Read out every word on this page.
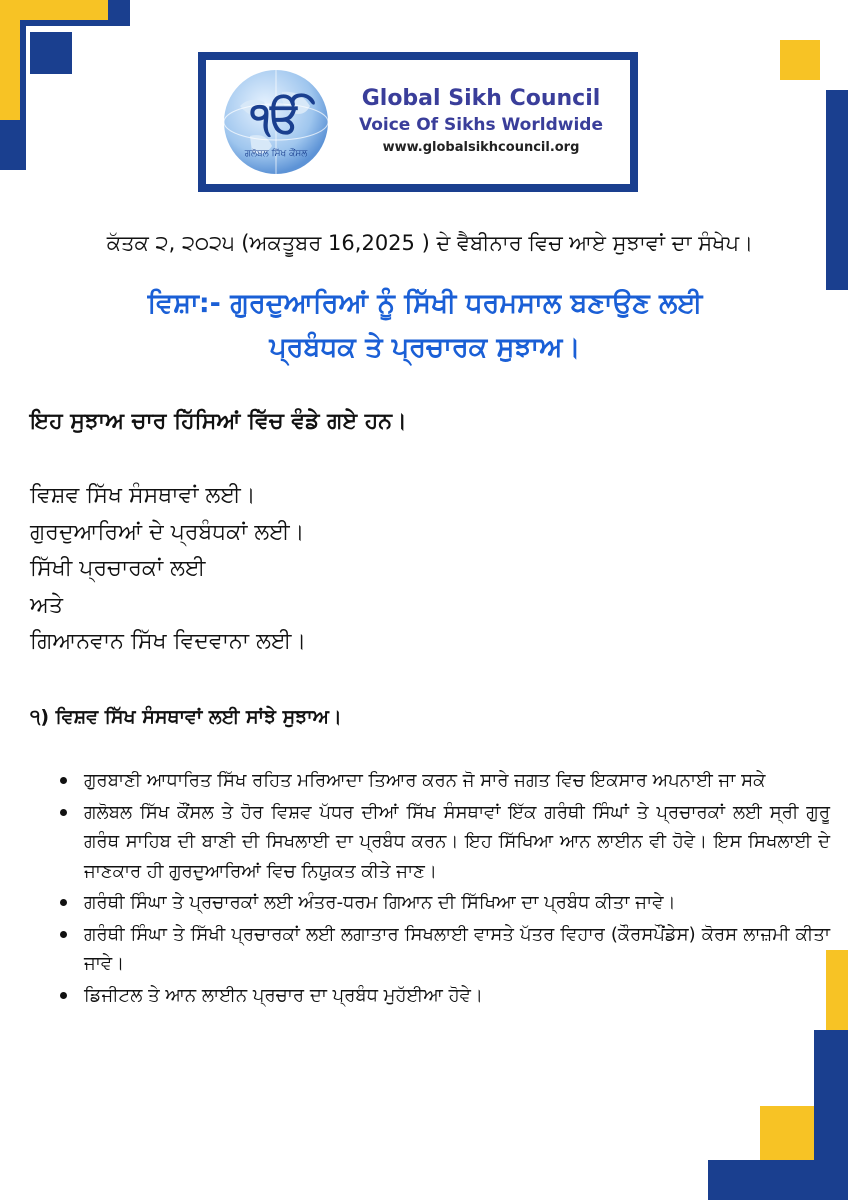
ੴ
ਗਲੋਬਲ ਸਿੱਖ ਕੌਂਸਲ
Global Sikh Council
Voice Of Sikhs Worldwide
www.globalsikhcouncil.org
ਕੱਤਕ ੨, ੨੦੨੫ (ਅਕਤੂਬਰ 16,2025 ) ਦੇ ਵੈਬੀਨਾਰ ਵਿਚ ਆਏ ਸੁਝਾਵਾਂ ਦਾ ਸੰਖੇਪ।
ਵਿਸ਼ਾ:- ਗੁਰਦੁਆਰਿਆਂ ਨੂੰ ਸਿੱਖੀ ਧਰਮਸਾਲ ਬਣਾਉਣ ਲਈ
ਪ੍ਰਬੰਧਕ ਤੇ ਪ੍ਰਚਾਰਕ ਸੁਝਾਅ।
ਇਹ ਸੁਝਾਅ ਚਾਰ ਹਿੱਸਿਆਂ ਵਿੱਚ ਵੰਡੇ ਗਏ ਹਨ।
ਵਿਸ਼ਵ ਸਿੱਖ ਸੰਸਥਾਵਾਂ ਲਈ।
ਗੁਰਦੁਆਰਿਆਂ ਦੇ ਪ੍ਰਬੰਧਕਾਂ ਲਈ।
ਸਿੱਖੀ ਪ੍ਰਚਾਰਕਾਂ ਲਈ
ਅਤੇ
ਗਿਆਨਵਾਨ ਸਿੱਖ ਵਿਦਵਾਨਾ ਲਈ।
੧) ਵਿਸ਼ਵ ਸਿੱਖ ਸੰਸਥਾਵਾਂ ਲਈ ਸਾਂਝੇ ਸੁਝਾਅ।
ਗੁਰਬਾਣੀ ਆਧਾਰਿਤ ਸਿੱਖ ਰਹਿਤ ਮਰਿਆਦਾ ਤਿਆਰ ਕਰਨ ਜੋ ਸਾਰੇ ਜਗਤ ਵਿਚ ਇਕਸਾਰ ਅਪਨਾਈ ਜਾ ਸਕੇ
ਗਲੋਬਲ ਸਿੱਖ ਕੌਂਸਲ ਤੇ ਹੋਰ ਵਿਸ਼ਵ ਪੱਧਰ ਦੀਆਂ ਸਿੱਖ ਸੰਸਥਾਵਾਂ ਇੱਕ ਗਰੰਥੀ ਸਿੰਘਾਂ ਤੇ ਪ੍ਰਚਾਰਕਾਂ ਲਈ ਸ੍ਰੀ ਗੁਰੂ ਗਰੰਥ ਸਾਹਿਬ ਦੀ ਬਾਣੀ ਦੀ ਸਿਖਲਾਈ ਦਾ ਪ੍ਰਬੰਧ ਕਰਨ। ਇਹ ਸਿੱਖਿਆ ਆਨ ਲਾਈਨ ਵੀ ਹੋਵੇ। ਇਸ ਸਿਖਲਾਈ ਦੇ ਜਾਣਕਾਰ ਹੀ ਗੁਰਦੁਆਰਿਆਂ ਵਿਚ ਨਿਯੁਕਤ ਕੀਤੇ ਜਾਣ।
ਗਰੰਥੀ ਸਿੰਘਾ ਤੇ ਪ੍ਰਚਾਰਕਾਂ ਲਈ ਅੰਤਰ-ਧਰਮ ਗਿਆਨ ਦੀ ਸਿੱਖਿਆ ਦਾ ਪ੍ਰਬੰਧ ਕੀਤਾ ਜਾਵੇ।
ਗਰੰਥੀ ਸਿੰਘਾ ਤੇ ਸਿੱਖੀ ਪ੍ਰਚਾਰਕਾਂ ਲਈ ਲਗਾਤਾਰ ਸਿਖਲਾਈ ਵਾਸਤੇ ਪੱਤਰ ਵਿਹਾਰ (ਕੌਰਸਪੌਂਡੇਸ) ਕੋਰਸ ਲਾਜ਼ਮੀ ਕੀਤਾ ਜਾਵੇ।
ਡਿਜੀਟਲ ਤੇ ਆਨ ਲਾਈਨ ਪ੍ਰਚਾਰ ਦਾ ਪ੍ਰਬੰਧ ਮੁਹੱਈਆ ਹੋਵੇ।
